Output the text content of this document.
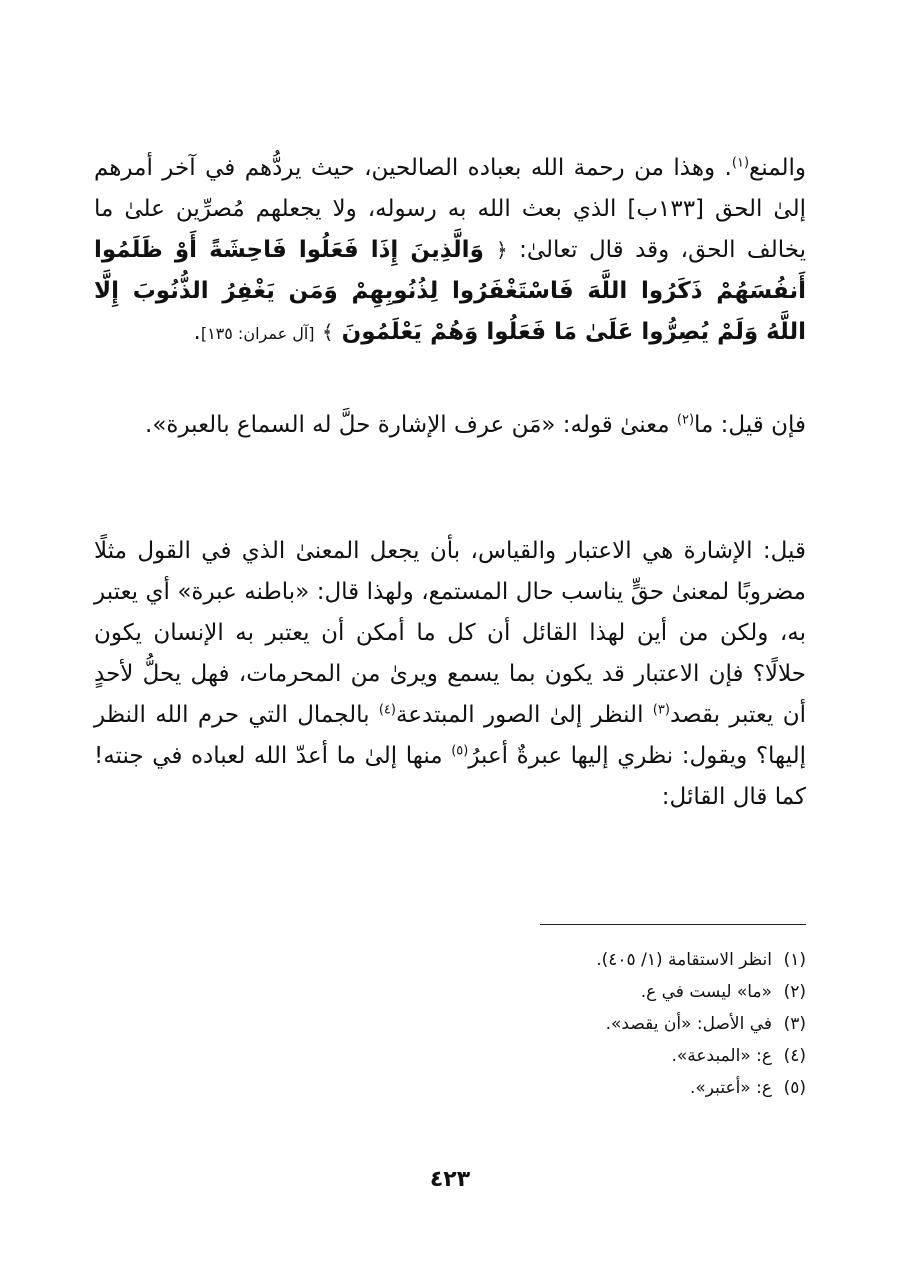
والمنع$^{(١)}$. وهذا من رحمة الله بعباده الصالحين، حيث يردُّهم في آخر أمرهم إلىٰ الحق [١٣٣ب] الذي بعث الله به رسوله، ولا يجعلهم مُصرِّين علىٰ ما يخالف الحق، وقد قال تعالىٰ: ﴿ وَالَّذِينَ إِذَا فَعَلُوا فَاحِشَةً أَوْ ظَلَمُوا أَنفُسَهُمْ ذَكَرُوا اللَّهَ فَاسْتَغْفَرُوا لِذُنُوبِهِمْ وَمَن يَغْفِرُ الذُّنُوبَ إِلَّا اللَّهُ وَلَمْ يُصِرُّوا عَلَىٰ مَا فَعَلُوا وَهُمْ يَعْلَمُونَ ﴾ [آل عمران: ١٣٥].

فإن قيل: ما$^{(٢)}$ معنىٰ قوله: «مَن عرف الإشارة حلَّ له السماع بالعبرة».

قيل: الإشارة هي الاعتبار والقياس، بأن يجعل المعنىٰ الذي في القول مثلًا مضروبًا لمعنىٰ حقٍّ يناسب حال المستمع، ولهذا قال: «باطنه عبرة» أي يعتبر به، ولكن من أين لهذا القائل أن كل ما أمكن أن يعتبر به الإنسان يكون حلالًا؟ فإن الاعتبار قد يكون بما يسمع ويرىٰ من المحرمات، فهل يحلُّ لأحدٍ أن يعتبر بقصد$^{(٣)}$ النظر إلىٰ الصور المبتدعة$^{(٤)}$ بالجمال التي حرم الله النظر إليها؟ ويقول: نظري إليها عبرةٌ أعبرُ$^{(٥)}$ منها إلىٰ ما أعدّ الله لعباده في جنته! كما قال القائل:

(١)انظر الاستقامة (١/ ٤٠٥).
(٢)«ما» ليست في ع.
(٣)في الأصل: «أن يقصد».
(٤)ع: «المبدعة».
(٥)ع: «أعتبر».
٤٢٣
